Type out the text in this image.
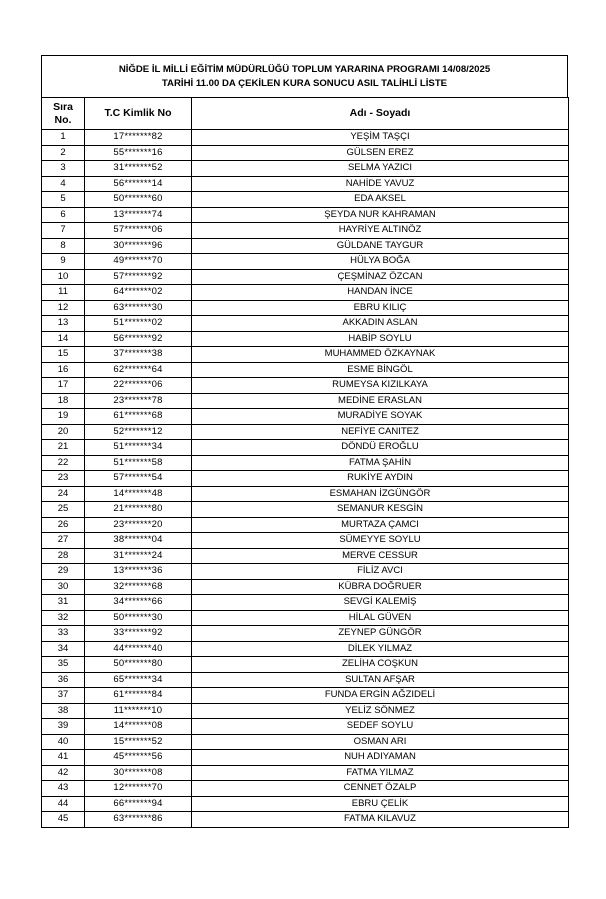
NİĞDE İL MİLLİ EĞİTİM MÜDÜRLÜĞÜ TOPLUM YARARINA PROGRAMI 14/08/2025
TARİHİ 11.00 DA ÇEKİLEN KURA SONUCU ASIL TALİHLİ LİSTE
Sıra
No.	T.C Kimlik No	Adı - Soyadı
1	17*******82	YEŞİM TAŞÇI
2	55*******16	GÜLSEN EREZ
3	31*******52	SELMA YAZICI
4	56*******14	NAHİDE YAVUZ
5	50*******60	EDA AKSEL
6	13*******74	ŞEYDA NUR KAHRAMAN
7	57*******06	HAYRİYE ALTINÖZ
8	30*******96	GÜLDANE TAYGUR
9	49*******70	HÜLYA BOĞA
10	57*******92	ÇEŞMİNAZ ÖZCAN
11	64*******02	HANDAN İNCE
12	63*******30	EBRU KILIÇ
13	51*******02	AKKADIN ASLAN
14	56*******92	HABİP SOYLU
15	37*******38	MUHAMMED ÖZKAYNAK
16	62*******64	ESME BİNGÖL
17	22*******06	RUMEYSA KIZILKAYA
18	23*******78	MEDİNE ERASLAN
19	61*******68	MURADİYE SOYAK
20	52*******12	NEFİYE CANITEZ
21	51*******34	DÖNDÜ EROĞLU
22	51*******58	FATMA ŞAHİN
23	57*******54	RUKİYE AYDIN
24	14*******48	ESMAHAN İZGÜNGÖR
25	21*******80	SEMANUR KESGİN
26	23*******20	MURTAZA ÇAMCI
27	38*******04	SÜMEYYE SOYLU
28	31*******24	MERVE CESSUR
29	13*******36	FİLİZ AVCI
30	32*******68	KÜBRA DOĞRUER
31	34*******66	SEVGİ KALEMİŞ
32	50*******30	HİLAL GÜVEN
33	33*******92	ZEYNEP GÜNGÖR
34	44*******40	DİLEK YILMAZ
35	50*******80	ZELİHA COŞKUN
36	65*******34	SULTAN AFŞAR
37	61*******84	FUNDA ERGİN AĞZIDELİ
38	11*******10	YELİZ SÖNMEZ
39	14*******08	SEDEF SOYLU
40	15*******52	OSMAN ARI
41	45*******56	NUH ADIYAMAN
42	30*******08	FATMA YILMAZ
43	12*******70	CENNET ÖZALP
44	66*******94	EBRU ÇELİK
45	63*******86	FATMA KILAVUZ
